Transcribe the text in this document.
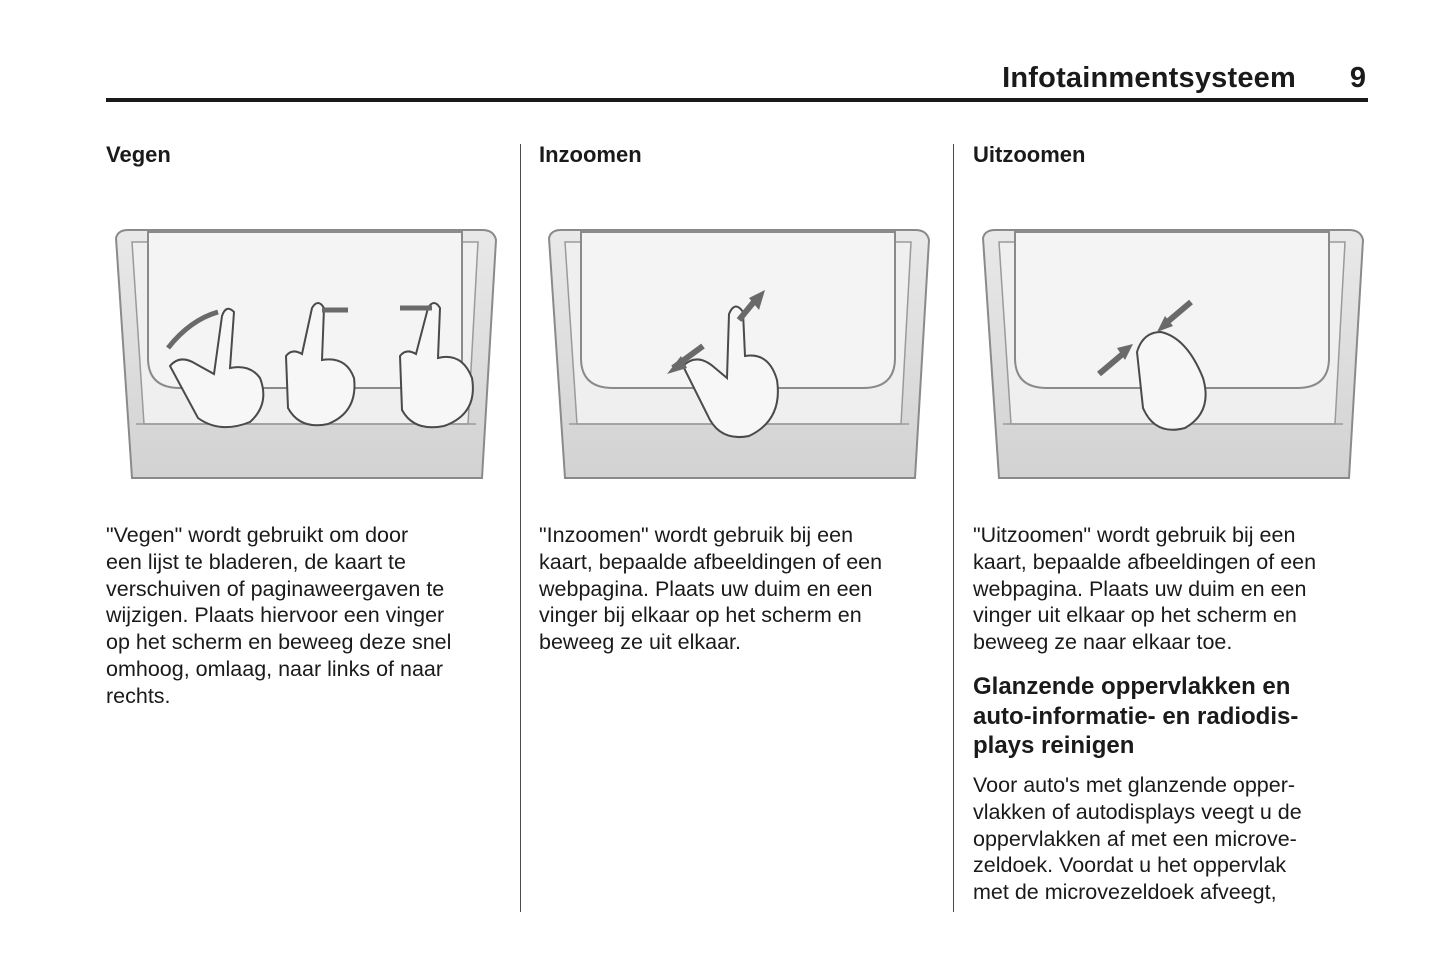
Infotainmentsysteem 9
Vegen

"Vegen" wordt gebruikt om door
een lijst te bladeren, de kaart te
verschuiven of paginaweergaven te
wijzigen. Plaats hiervoor een vinger
op het scherm en beweeg deze snel
omhoog, omlaag, naar links of naar
rechts.

Inzoomen

"Inzoomen" wordt gebruik bij een
kaart, bepaalde afbeeldingen of een
webpagina. Plaats uw duim en een
vinger bij elkaar op het scherm en
beweeg ze uit elkaar.

Uitzoomen

"Uitzoomen" wordt gebruik bij een
kaart, bepaalde afbeeldingen of een
webpagina. Plaats uw duim en een
vinger uit elkaar op het scherm en
beweeg ze naar elkaar toe.

Glanzende oppervlakken en
auto-informatie- en radiodis-
plays reinigen

Voor auto's met glanzende opper-
vlakken of autodisplays veegt u de
oppervlakken af met een microve-
zeldoek. Voordat u het oppervlak
met de microvezeldoek afveegt,
